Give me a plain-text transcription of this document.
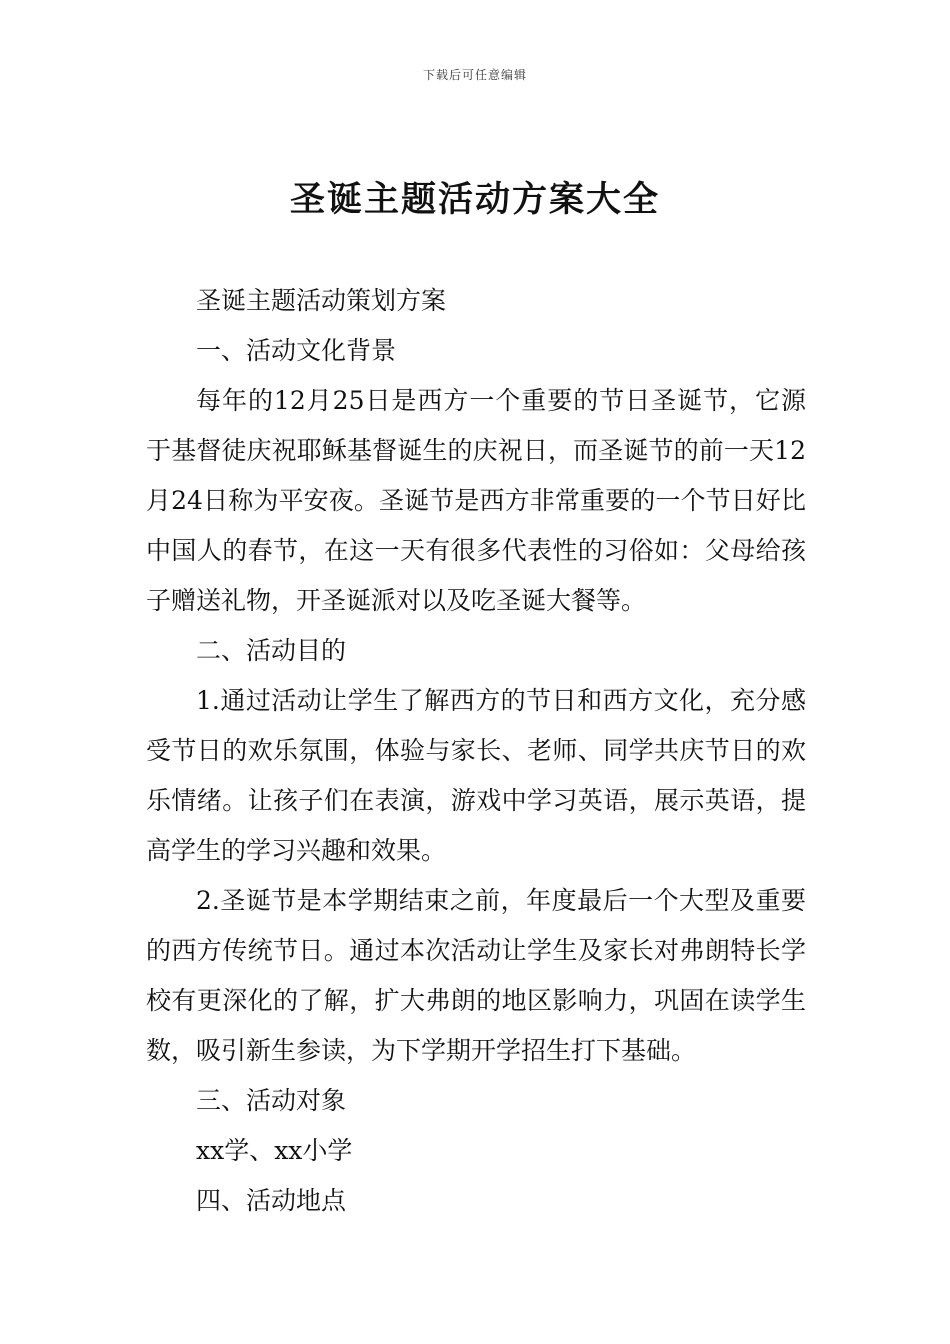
下载后可任意编辑
圣诞主题活动方案大全

圣诞主题活动策划方案

一、活动文化背景

每年的12月25日是西方一个重要的节日圣诞节，它源于基督徒庆祝耶稣基督诞生的庆祝日，而圣诞节的前一天12月24日称为平安夜。圣诞节是西方非常重要的一个节日好比中国人的春节，在这一天有很多代表性的习俗如：父母给孩子赠送礼物，开圣诞派对以及吃圣诞大餐等。

二、活动目的

1.通过活动让学生了解西方的节日和西方文化，充分感受节日的欢乐氛围，体验与家长、老师、同学共庆节日的欢乐情绪。让孩子们在表演，游戏中学习英语，展示英语，提高学生的学习兴趣和效果。

2.圣诞节是本学期结束之前，年度最后一个大型及重要的西方传统节日。通过本次活动让学生及家长对弗朗特长学校有更深化的了解，扩大弗朗的地区影响力，巩固在读学生数，吸引新生参读，为下学期开学招生打下基础。

三、活动对象

xx学、xx小学

四、活动地点
